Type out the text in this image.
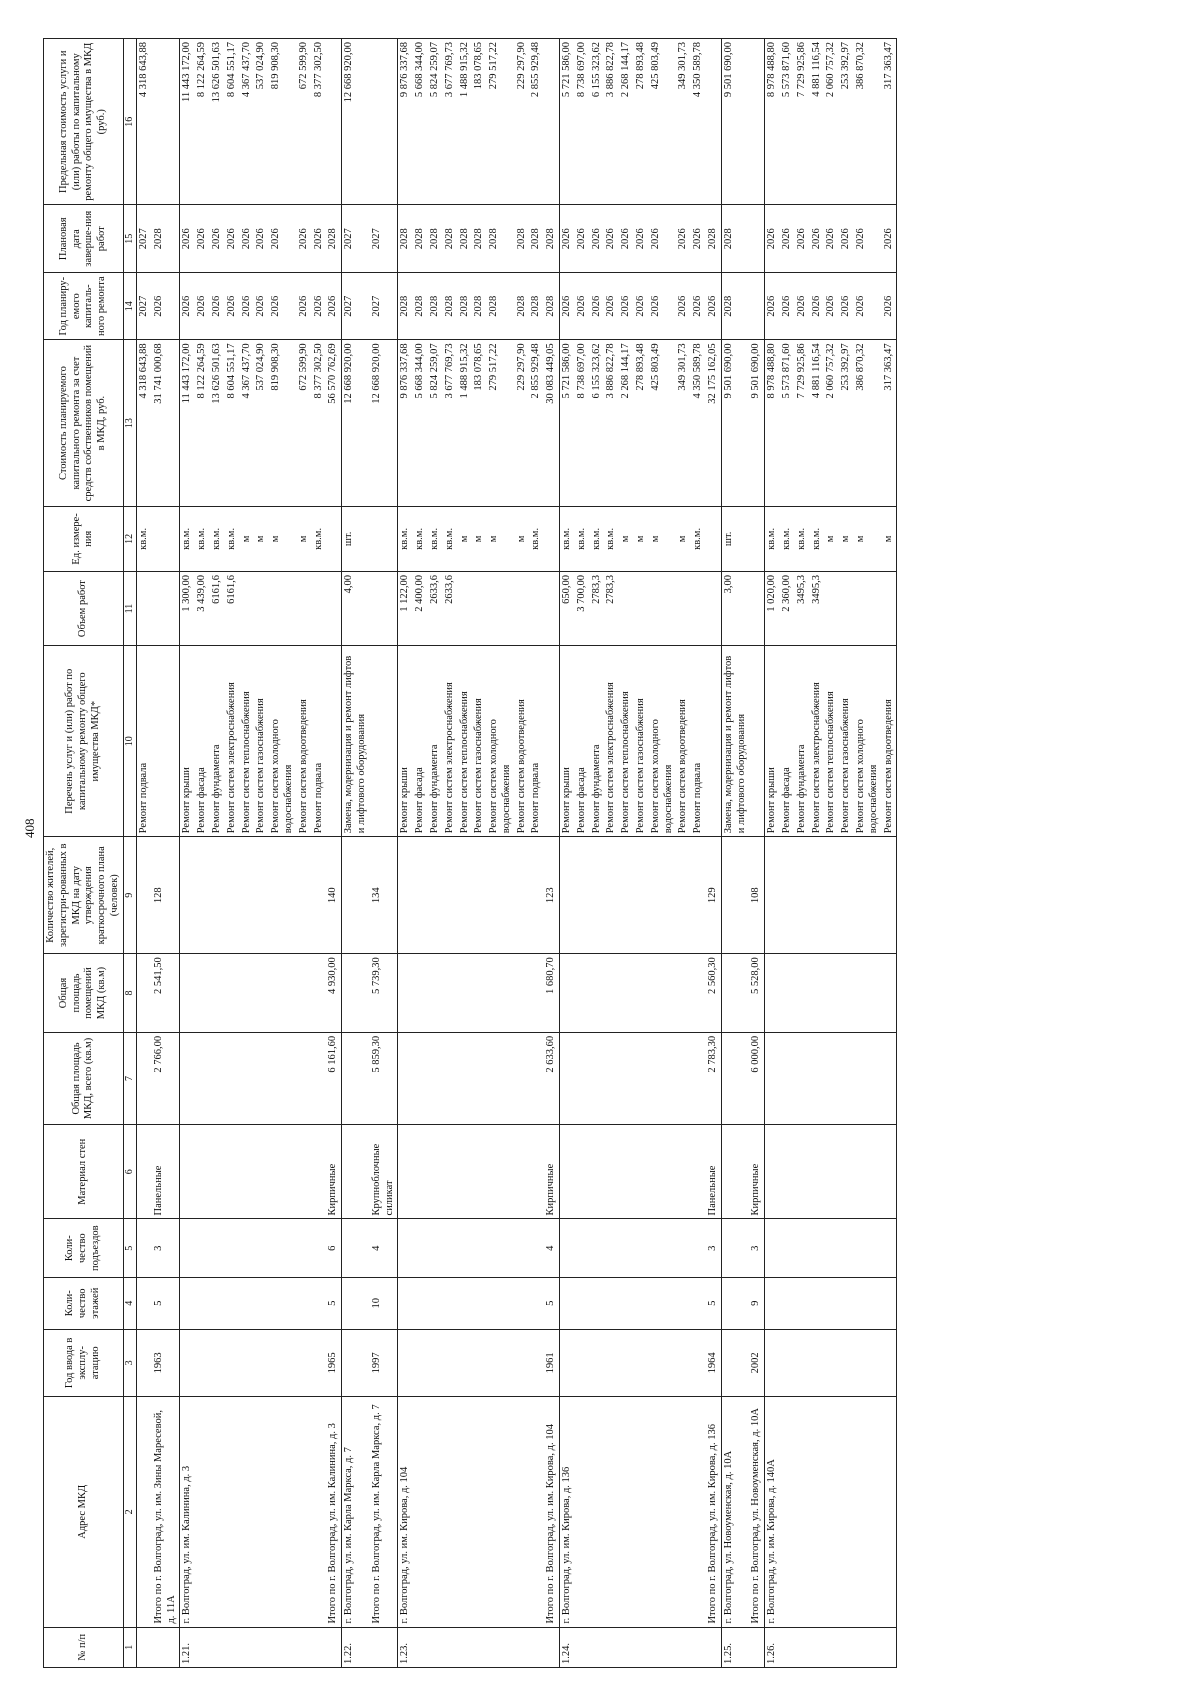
408
№ п/п	Адрес МКД	Год ввода в эксплу-атацию	Коли-чество этажей	Коли-чество подъездов	Материал стен	Общая площадь МКД, всего (кв.м)	Общая площадь помещений МКД (кв.м)	Количество жителей, зарегистри-рованных в МКД на дату утверждения краткосрочного плана (человек)	Перечень услуг и (или) работ по капитальному ремонту общего имущества МКД*	Объем работ	Ед. измере-ния	Стоимость планируемого капитального ремонта за счет средств собственников помещений в МКД, руб.	Год планиру-емого капиталь-ного ремонта	Плановая дата заверше-ния работ	Предельная стоимость услуги и (или) работы по капитальному ремонту общего имущества в МКД (руб.)
1	2	3	4	5	6	7	8	9	10	11	12	13	14	15	16
									Ремонт подвала		кв.м.	4 318 643,88	2027	2027	4 318 643,88
	Итого по г. Волгоград, ул. им. Зины Маресевой, д. 11А	1963	5	3	Панельные	2 766,00	2 541,50	128				31 741 000,68	2026	2028	
1.21.	г. Волгоград, ул. им. Калинина, д. 3								Ремонт крыши	1 300,00	кв.м.	11 443 172,00	2026	2026	11 443 172,00
									Ремонт фасада	3 439,00	кв.м.	8 122 264,59	2026	2026	8 122 264,59
									Ремонт фундамента	6161,6	кв.м.	13 626 501,63	2026	2026	13 626 501,63
									Ремонт систем электроснабжения	6161,6	кв.м.	8 604 551,17	2026	2026	8 604 551,17
									Ремонт систем теплоснабжения		м	4 367 437,70	2026	2026	4 367 437,70
									Ремонт систем газоснабжения		м	537 024,90	2026	2026	537 024,90
									Ремонт систем холодного водоснабжения		м	819 908,30	2026	2026	819 908,30
									Ремонт систем водоотведения		м	672 599,90	2026	2026	672 599,90
									Ремонт подвала		кв.м.	8 377 302,50	2026	2026	8 377 302,50
	Итого по г. Волгоград, ул. им. Калинина, д. 3	1965	5	6	Кирпичные	6 161,60	4 930,00	140				56 570 762,69	2026	2028	
1.22.	г. Волгоград, ул. им. Карла Маркса, д. 7								Замена, модернизация и ремонт лифтов и лифтового оборудования	4,00	шт.	12 668 920,00	2027	2027	12 668 920,00
	Итого по г. Волгоград, ул. им. Карла Маркса, д. 7	1997	10	4	Крупноблочные силикат	5 859,30	5 739,30	134				12 668 920,00	2027	2027	
1.23.	г. Волгоград, ул. им. Кирова, д. 104								Ремонт крыши	1 122,00	кв.м.	9 876 337,68	2028	2028	9 876 337,68
									Ремонт фасада	2 400,00	кв.м.	5 668 344,00	2028	2028	5 668 344,00
									Ремонт фундамента	2633,6	кв.м.	5 824 259,07	2028	2028	5 824 259,07
									Ремонт систем электроснабжения	2633,6	кв.м.	3 677 769,73	2028	2028	3 677 769,73
									Ремонт систем теплоснабжения		м	1 488 915,32	2028	2028	1 488 915,32
									Ремонт систем газоснабжения		м	183 078,65	2028	2028	183 078,65
									Ремонт систем холодного водоснабжения		м	279 517,22	2028	2028	279 517,22
									Ремонт систем водоотведения		м	229 297,90	2028	2028	229 297,90
									Ремонт подвала		кв.м.	2 855 929,48	2028	2028	2 855 929,48
	Итого по г. Волгоград, ул. им. Кирова, д. 104	1961	5	4	Кирпичные	2 633,60	1 680,70	123				30 083 449,05	2028	2028	
1.24.	г. Волгоград, ул. им. Кирова, д. 136								Ремонт крыши	650,00	кв.м.	5 721 586,00	2026	2026	5 721 586,00
									Ремонт фасада	3 700,00	кв.м.	8 738 697,00	2026	2026	8 738 697,00
									Ремонт фундамента	2783,3	кв.м.	6 155 323,62	2026	2026	6 155 323,62
									Ремонт систем электроснабжения	2783,3	кв.м.	3 886 822,78	2026	2026	3 886 822,78
									Ремонт систем теплоснабжения		м	2 268 144,17	2026	2026	2 268 144,17
									Ремонт систем газоснабжения		м	278 893,48	2026	2026	278 893,48
									Ремонт систем холодного водоснабжения		м	425 803,49	2026	2026	425 803,49
									Ремонт систем водоотведения		м	349 301,73	2026	2026	349 301,73
									Ремонт подвала		кв.м.	4 350 589,78	2026	2026	4 350 589,78
	Итого по г. Волгоград, ул. им. Кирова, д. 136	1964	5	3	Панельные	2 783,30	2 560,30	129				32 175 162,05	2026	2028	
1.25.	г. Волгоград, ул. Новоуменская, д. 10А								Замена, модернизация и ремонт лифтов и лифтового оборудования	3,00	шт.	9 501 690,00	2028	2028	9 501 690,00
	Итого по г. Волгоград, ул. Новоуменская, д. 10А	2002	9	3	Кирпичные	6 000,00	5 528,00	108				9 501 690,00			
1.26.	г. Волгоград, ул. им. Кирова, д. 140А								Ремонт крыши	1 020,00	кв.м.	8 978 488,80	2026	2026	8 978 488,80
									Ремонт фасада	2 360,00	кв.м.	5 573 871,60	2026	2026	5 573 871,60
									Ремонт фундамента	3495,3	кв.м.	7 729 925,86	2026	2026	7 729 925,86
									Ремонт систем электроснабжения	3495,3	кв.м.	4 881 116,54	2026	2026	4 881 116,54
									Ремонт систем теплоснабжения		м	2 060 757,32	2026	2026	2 060 757,32
									Ремонт систем газоснабжения		м	253 392,97	2026	2026	253 392,97
									Ремонт систем холодного водоснабжения		м	386 870,32	2026	2026	386 870,32
									Ремонт систем водоотведения		м	317 363,47	2026	2026	317 363,47
